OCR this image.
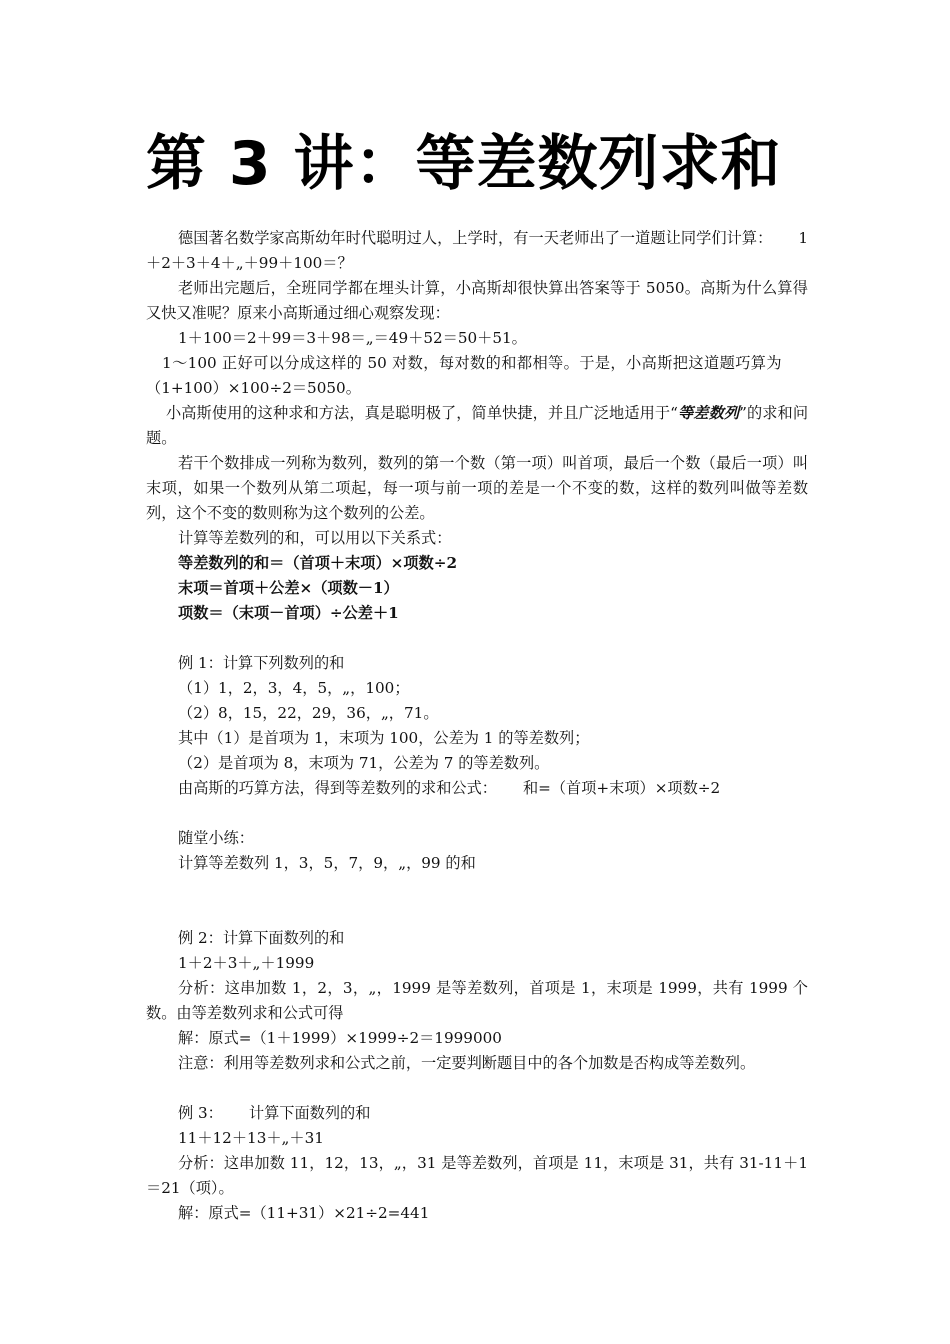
第 3 讲：等差数列求和

德国著名数学家高斯幼年时代聪明过人，上学时，有一天老师出了一道题让同学们计算： 1＋2＋3＋4＋„＋99＋100＝？

老师出完题后，全班同学都在埋头计算，小高斯却很快算出答案等于 5050。高斯为什么算得又快又准呢？原来小高斯通过细心观察发现：

1＋100＝2＋99＝3＋98＝„＝49＋52＝50＋51。

1～100 正好可以分成这样的 50 对数，每对数的和都相等。于是，小高斯把这道题巧算为（1+100）×100÷2＝5050。

小高斯使用的这种求和方法，真是聪明极了，简单快捷，并且广泛地适用于“等差数列”的求和问题。

若干个数排成一列称为数列，数列的第一个数（第一项）叫首项，最后一个数（最后一项）叫末项，如果一个数列从第二项起，每一项与前一项的差是一个不变的数，这样的数列叫做等差数列，这个不变的数则称为这个数列的公差。

计算等差数列的和，可以用以下关系式：

等差数列的和＝（首项＋末项）×项数÷2

末项＝首项＋公差×（项数－1）

项数＝（末项－首项）÷公差＋1

例 1：计算下列数列的和

（1）1，2，3，4，5，„，100；

（2）8，15，22，29，36，„，71。

其中（1）是首项为 1，末项为 100，公差为 1 的等差数列；

（2）是首项为 8，末项为 71，公差为 7 的等差数列。

由高斯的巧算方法，得到等差数列的求和公式： 和=（首项+末项）×项数÷2

随堂小练：

计算等差数列 1，3，5，7，9，„，99 的和

例 2：计算下面数列的和

1＋2＋3＋„＋1999

分析：这串加数 1，2，3，„，1999 是等差数列，首项是 1，末项是 1999，共有 1999 个数。由等差数列求和公式可得

解：原式=（1＋1999）×1999÷2＝1999000

注意：利用等差数列求和公式之前，一定要判断题目中的各个加数是否构成等差数列。

例 3： 计算下面数列的和

11＋12＋13＋„＋31

分析：这串加数 11，12，13，„，31 是等差数列，首项是 11，末项是 31，共有 31-11＋1＝21（项）。

解：原式=（11+31）×21÷2=441
